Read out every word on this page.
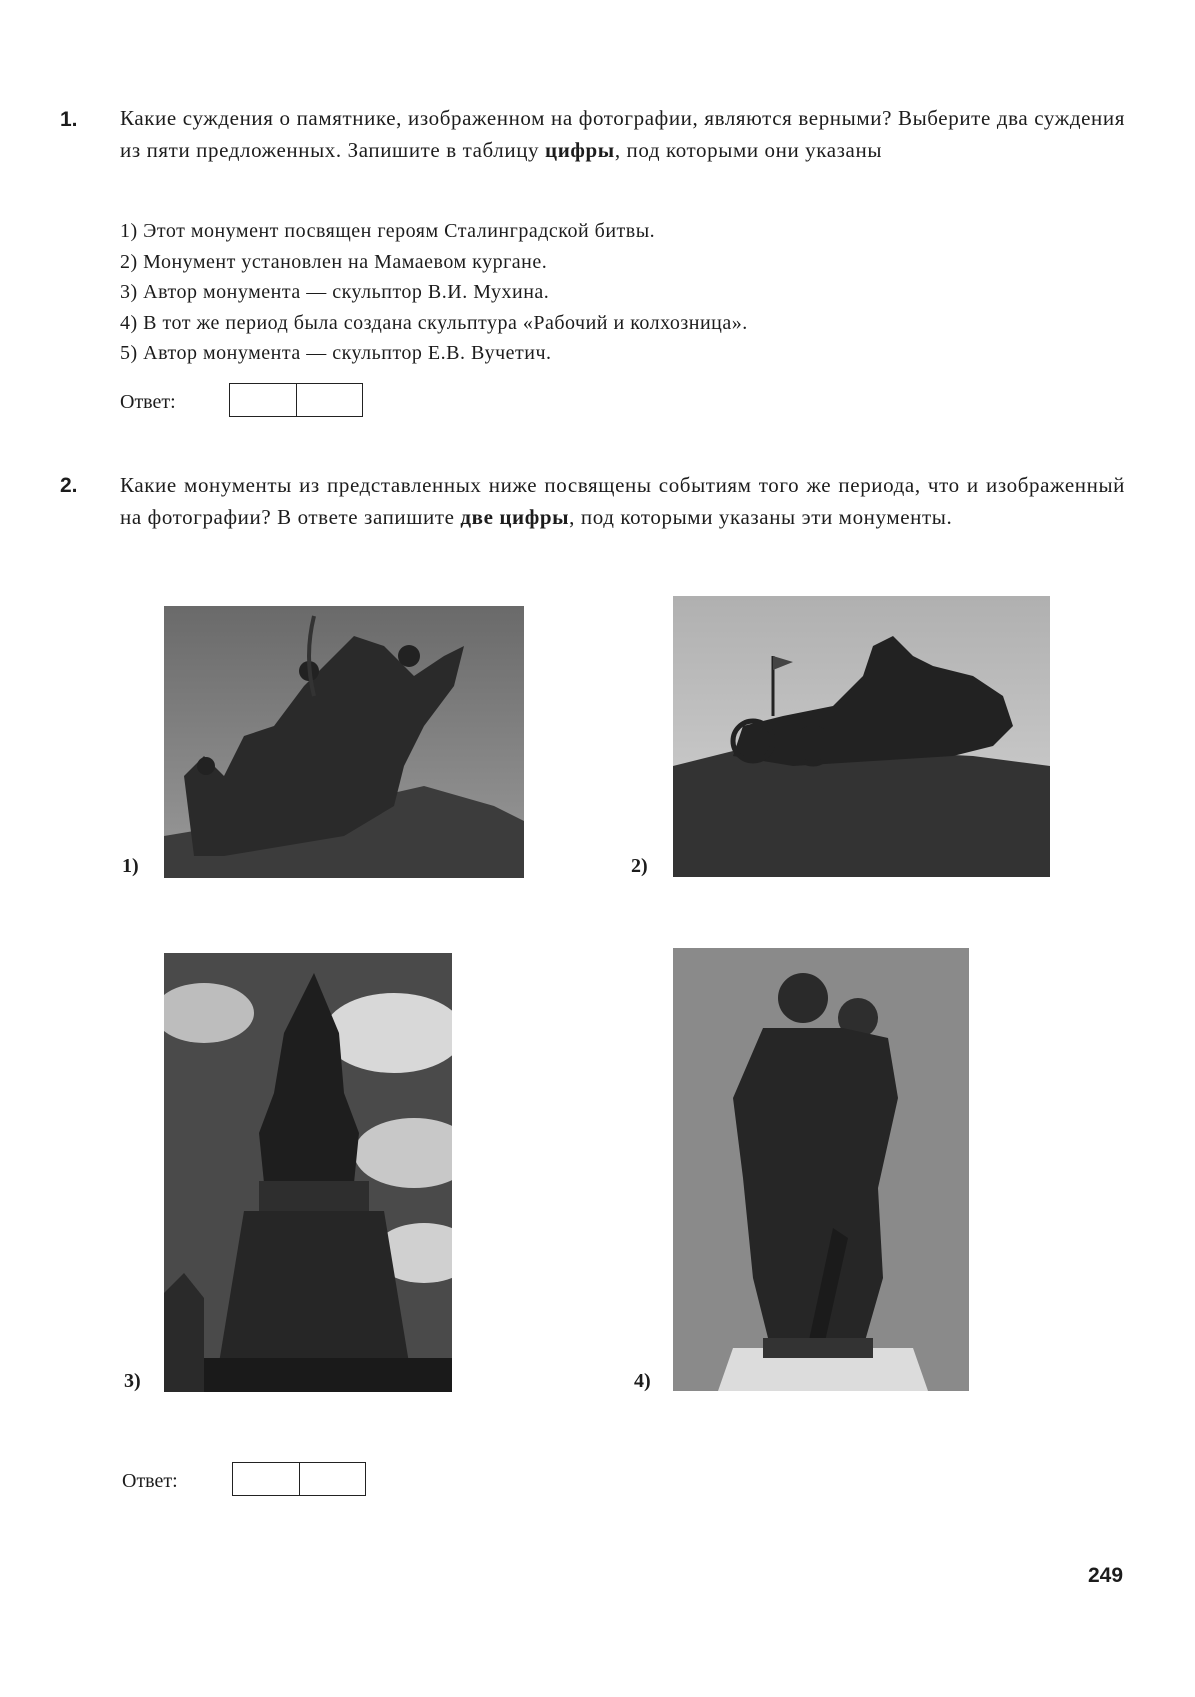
1. Какие суждения о памятнике, изображенном на фотографии, являются верными? Выберите два суждения из пяти предложенных. Запишите в таблицу цифры, под которыми они указаны
1) Этот монумент посвящен героям Сталинградской битвы.
2) Монумент установлен на Мамаевом кургане.
3) Автор монумента — скульптор В.И. Мухина.
4) В тот же период была создана скульптура «Рабочий и колхозница».
5) Автор монумента — скульптор Е.В. Вучетич.
Ответ:
2. Какие монументы из представленных ниже посвящены событиям того же периода, что и изображенный на фотографии? В ответе запишите две цифры, под которыми указаны эти монументы.
1)	2)
3)	4)
Ответ:
249
